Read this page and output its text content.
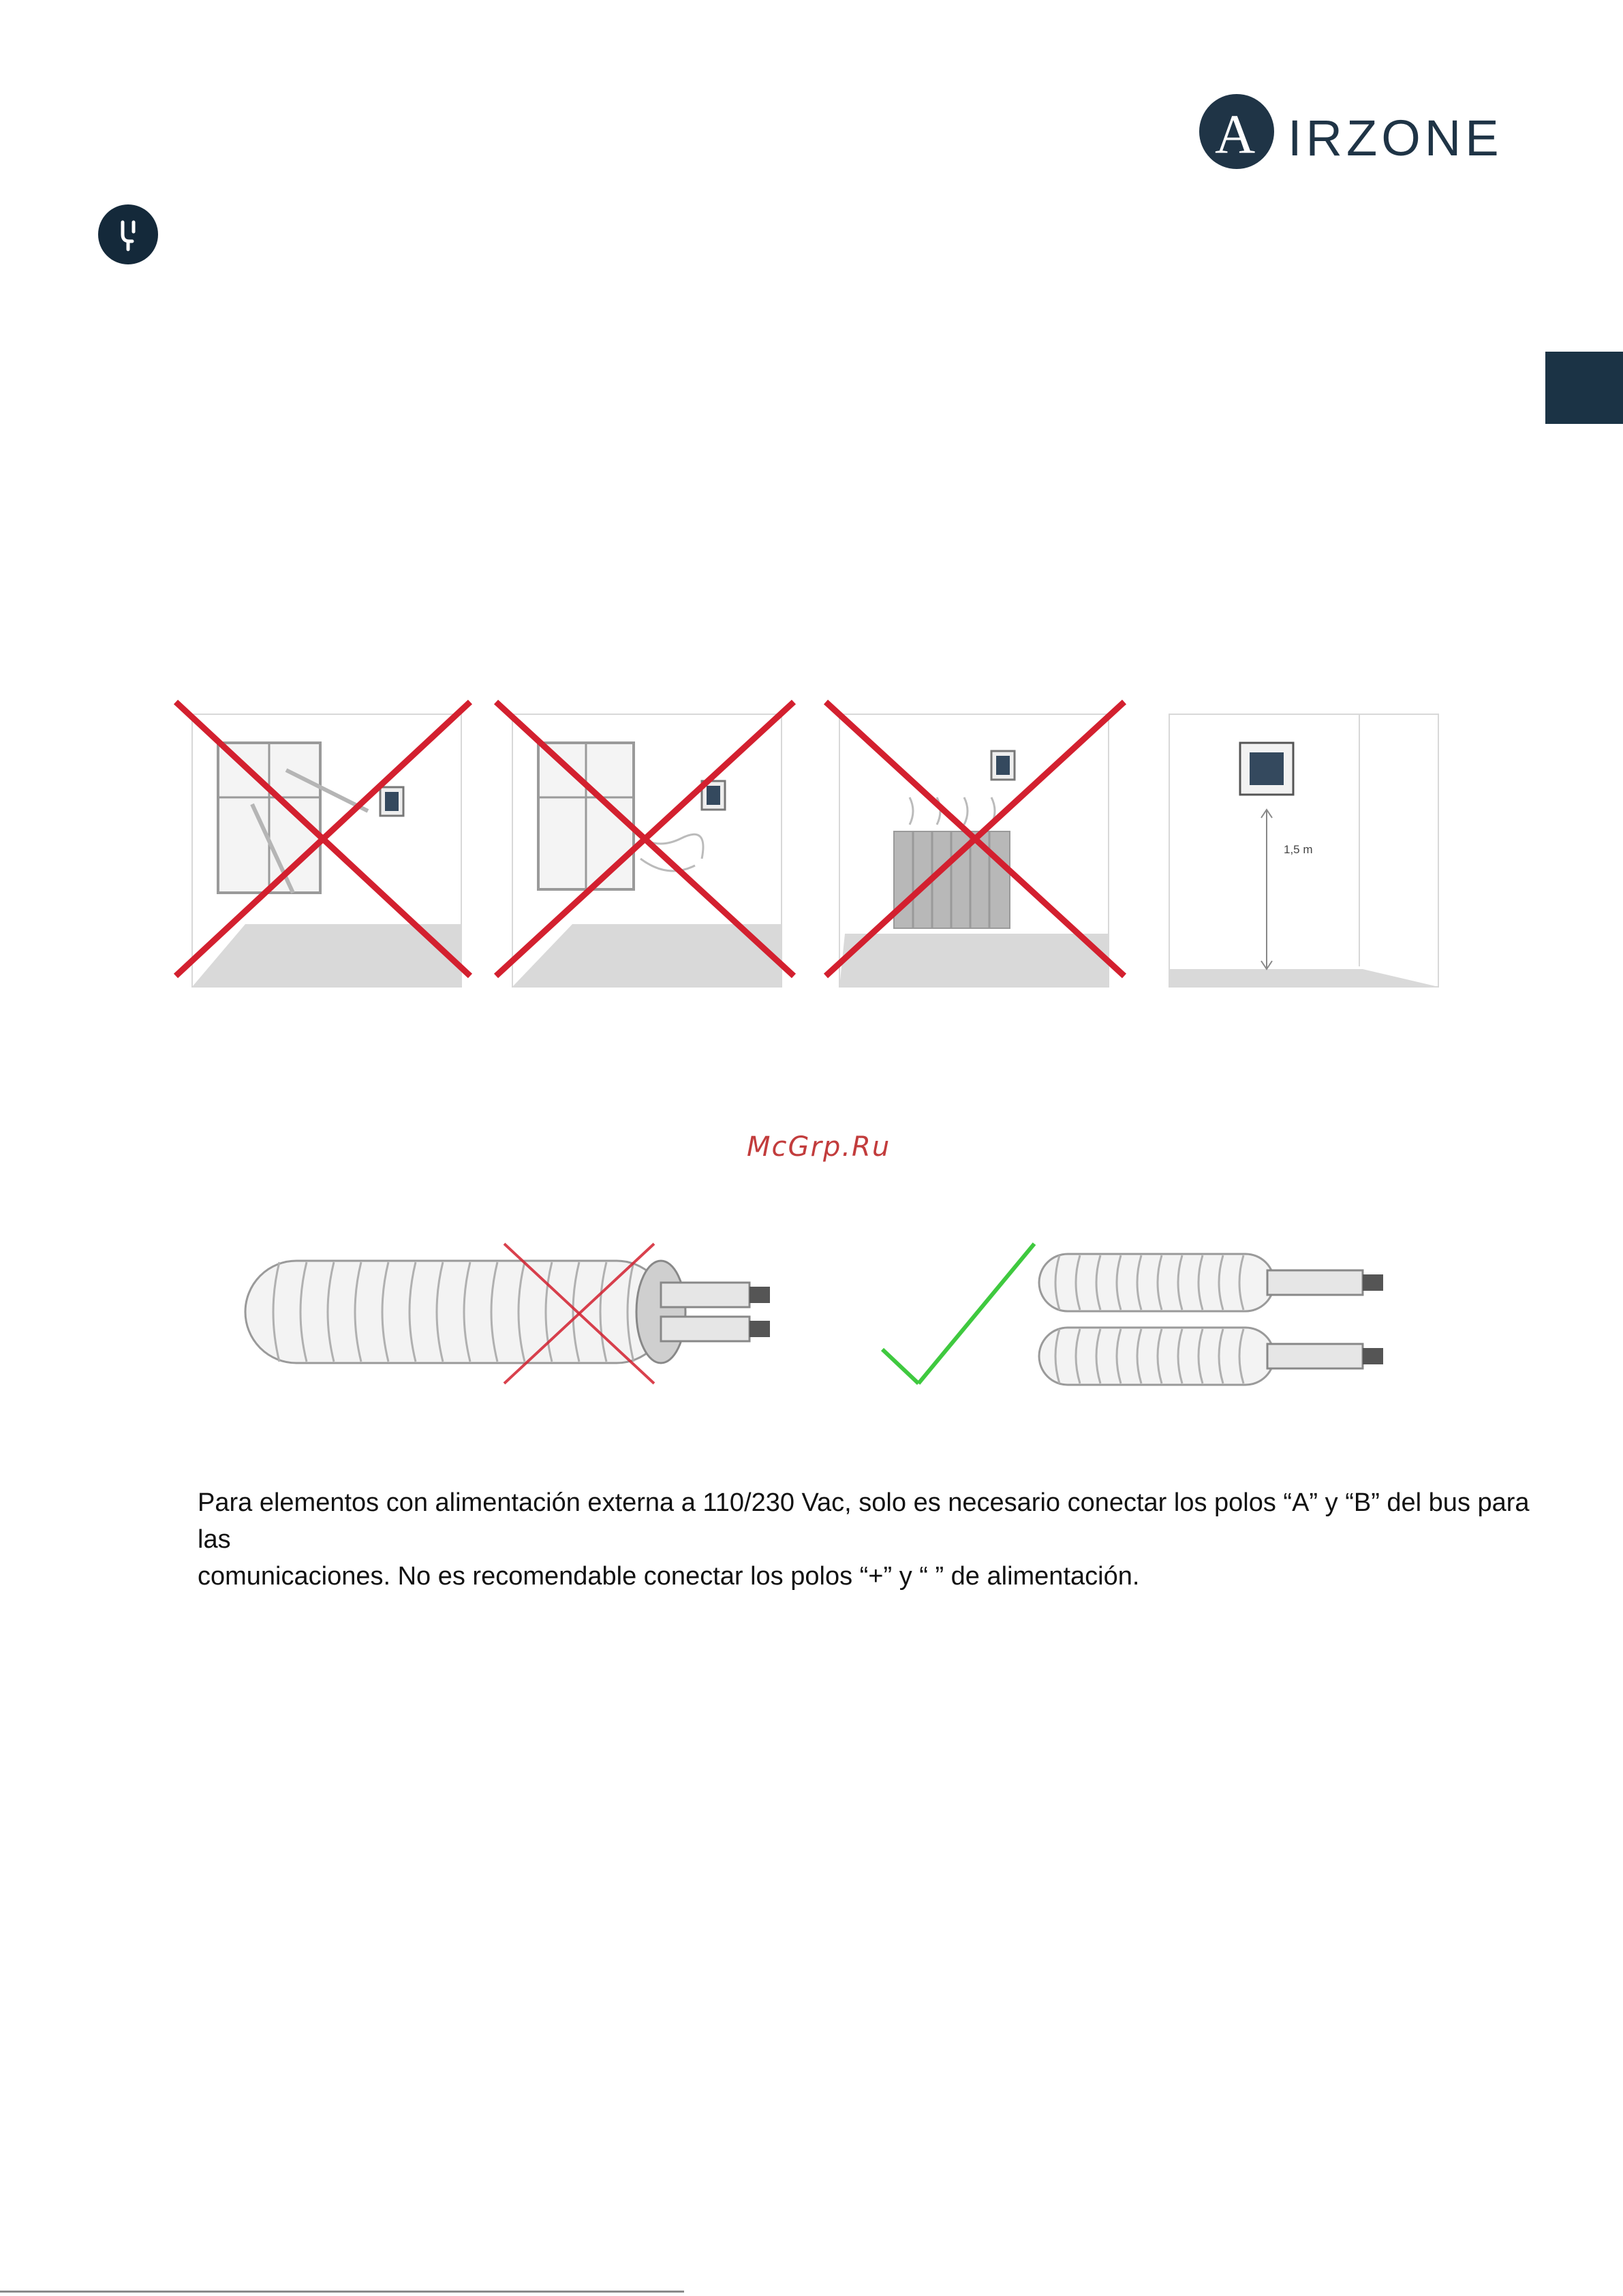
A IRZONE
1,5 m
McGrp.Ru
Para elementos con alimentación externa a 110/230 Vac, solo es necesario conectar los polos “A” y “B” del bus para las
comunicaciones. No es recomendable conectar los polos “+” y “ ” de alimentación.
